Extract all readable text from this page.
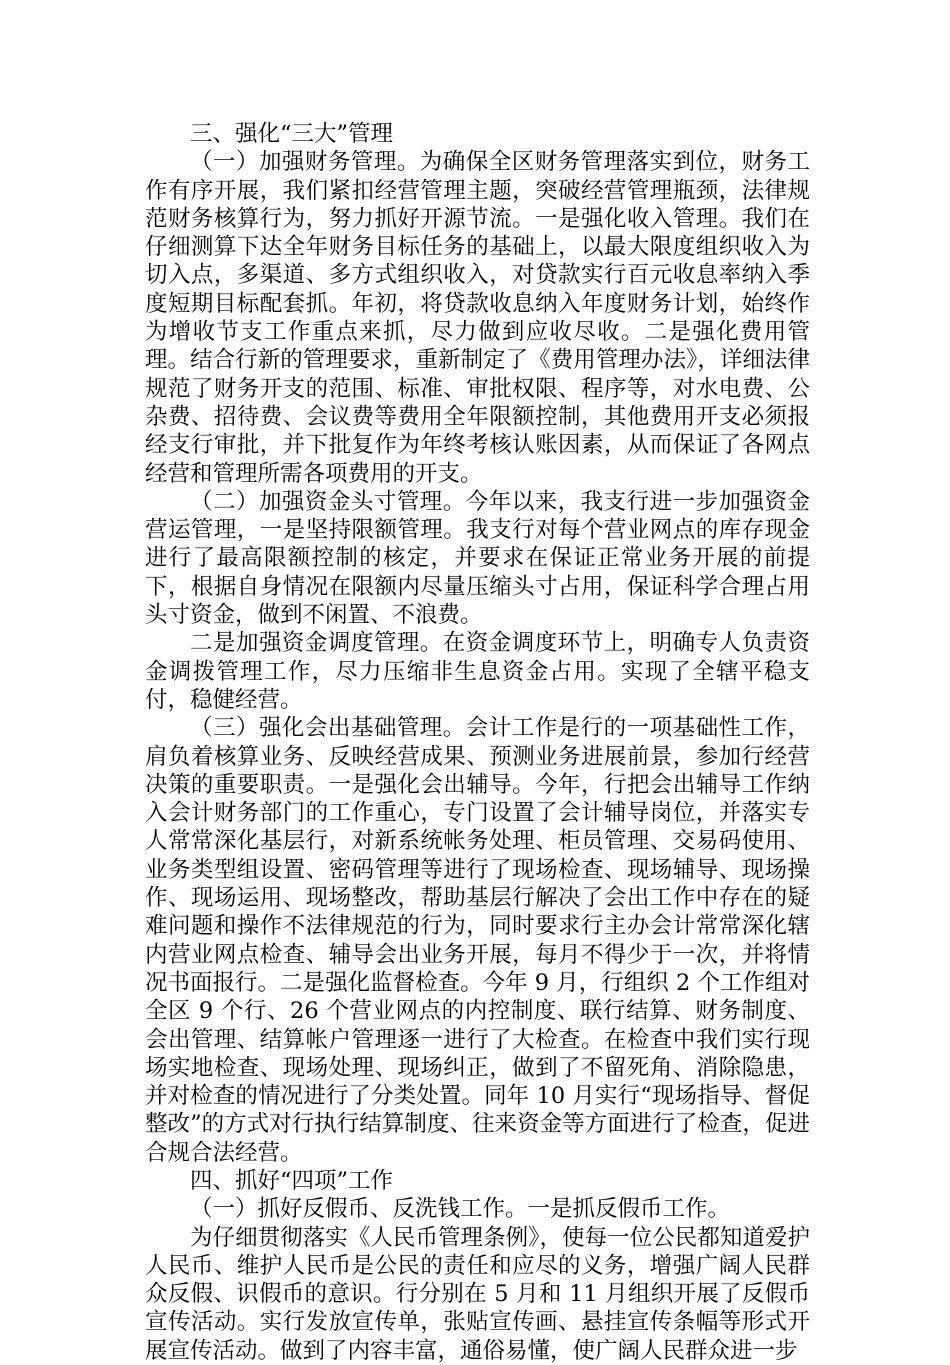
三、强化“三大”管理

（一）加强财务管理。为确保全区财务管理落实到位，财务工作有序开展，我们紧扣经营管理主题，突破经营管理瓶颈，法律规范财务核算行为，努力抓好开源节流。一是强化收入管理。我们在仔细测算下达全年财务目标任务的基础上，以最大限度组织收入为切入点，多渠道、多方式组织收入，对贷款实行百元收息率纳入季度短期目标配套抓。年初，将贷款收息纳入年度财务计划，始终作为增收节支工作重点来抓，尽力做到应收尽收。二是强化费用管理。结合行新的管理要求，重新制定了《费用管理办法》，详细法律规范了财务开支的范围、标准、审批权限、程序等，对水电费、公杂费、招待费、会议费等费用全年限额控制，其他费用开支必须报经支行审批，并下批复作为年终考核认账因素，从而保证了各网点经营和管理所需各项费用的开支。

（二）加强资金头寸管理。今年以来，我支行进一步加强资金营运管理，一是坚持限额管理。我支行对每个营业网点的库存现金进行了最高限额控制的核定，并要求在保证正常业务开展的前提下，根据自身情况在限额内尽量压缩头寸占用，保证科学合理占用头寸资金，做到不闲置、不浪费。

二是加强资金调度管理。在资金调度环节上，明确专人负责资金调拨管理工作，尽力压缩非生息资金占用。实现了全辖平稳支付，稳健经营。

（三）强化会出基础管理。会计工作是行的一项基础性工作，肩负着核算业务、反映经营成果、预测业务进展前景，参加行经营决策的重要职责。一是强化会出辅导。今年，行把会出辅导工作纳入会计财务部门的工作重心，专门设置了会计辅导岗位，并落实专人常常深化基层行，对新系统帐务处理、柜员管理、交易码使用、业务类型组设置、密码管理等进行了现场检查、现场辅导、现场操作、现场运用、现场整改，帮助基层行解决了会出工作中存在的疑难问题和操作不法律规范的行为，同时要求行主办会计常常深化辖内营业网点检查、辅导会出业务开展，每月不得少于一次，并将情况书面报行。二是强化监督检查。今年 9 月，行组织 2 个工作组对全区 9 个行、26 个营业网点的内控制度、联行结算、财务制度、会出管理、结算帐户管理逐一进行了大检查。在检查中我们实行现场实地检查、现场处理、现场纠正，做到了不留死角、消除隐患，并对检查的情况进行了分类处置。同年 10 月实行“现场指导、督促整改”的方式对行执行结算制度、往来资金等方面进行了检查，促进合规合法经营。

四、抓好“四项”工作

（一）抓好反假币、反洗钱工作。一是抓反假币工作。

为仔细贯彻落实《人民币管理条例》，使每一位公民都知道爱护人民币、维护人民币是公民的责任和应尽的义务，增强广阔人民群众反假、识假币的意识。行分别在 5 月和 11 月组织开展了反假币宣传活动。实行发放宣传单，张贴宣传画、悬挂宣传条幅等形式开展宣传活动。做到了内容丰富，通俗易懂，使广阔人民群众进一步
